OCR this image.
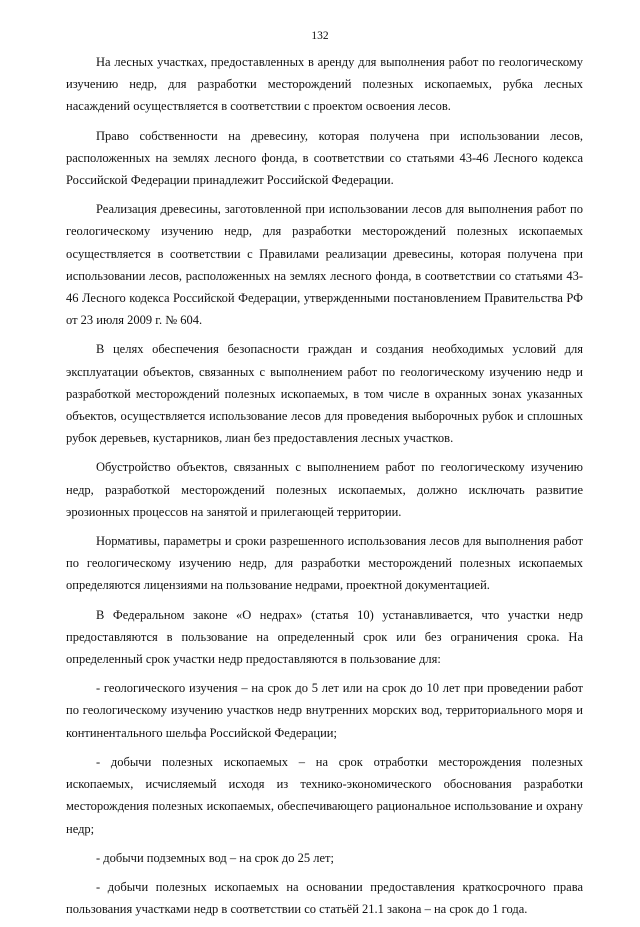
132

На лесных участках, предоставленных в аренду для выполнения работ по геологическому изучению недр, для разработки месторождений полезных ископаемых, рубка лесных насаждений осуществляется в соответствии с проектом освоения лесов.

Право собственности на древесину, которая получена при использовании лесов, расположенных на землях лесного фонда, в соответствии со статьями 43-46 Лесного кодекса Российской Федерации принадлежит Российской Федерации.

Реализация древесины, заготовленной при использовании лесов для выполнения работ по геологическому изучению недр, для разработки месторождений полезных ископаемых осуществляется в соответствии с Правилами реализации древесины, которая получена при использовании лесов, расположенных на землях лесного фонда, в соответствии со статьями 43-46 Лесного кодекса Российской Федерации, утвержденными постановлением Правительства РФ от 23 июля 2009 г. № 604.

В целях обеспечения безопасности граждан и создания необходимых условий для эксплуатации объектов, связанных с выполнением работ по геологическому изучению недр и разработкой месторождений полезных ископаемых, в том числе в охранных зонах указанных объектов, осуществляется использование лесов для проведения выборочных рубок и сплошных рубок деревьев, кустарников, лиан без предоставления лесных участков.

Обустройство объектов, связанных с выполнением работ по геологическому изучению недр, разработкой месторождений полезных ископаемых, должно исключать развитие эрозионных процессов на занятой и прилегающей территории.

Нормативы, параметры и сроки разрешенного использования лесов для выполнения работ по геологическому изучению недр, для разработки месторождений полезных ископаемых определяются лицензиями на пользование недрами, проектной документацией.

В Федеральном законе «О недрах» (статья 10) устанавливается, что участки недр предоставляются в пользование на определенный срок или без ограничения срока. На определенный срок участки недр предоставляются в пользование для:

- геологического изучения – на срок до 5 лет или на срок до 10 лет при проведении работ по геологическому изучению участков недр внутренних морских вод, территориального моря и континентального шельфа Российской Федерации;

- добычи полезных ископаемых – на срок отработки месторождения полезных ископаемых, исчисляемый исходя из технико-экономического обоснования разработки месторождения полезных ископаемых, обеспечивающего рациональное использование и охрану недр;

- добычи подземных вод – на срок до 25 лет;

- добычи полезных ископаемых на основании предоставления краткосрочного права пользования участками недр в соответствии со статьёй 21.1 закона – на срок до 1 года.
